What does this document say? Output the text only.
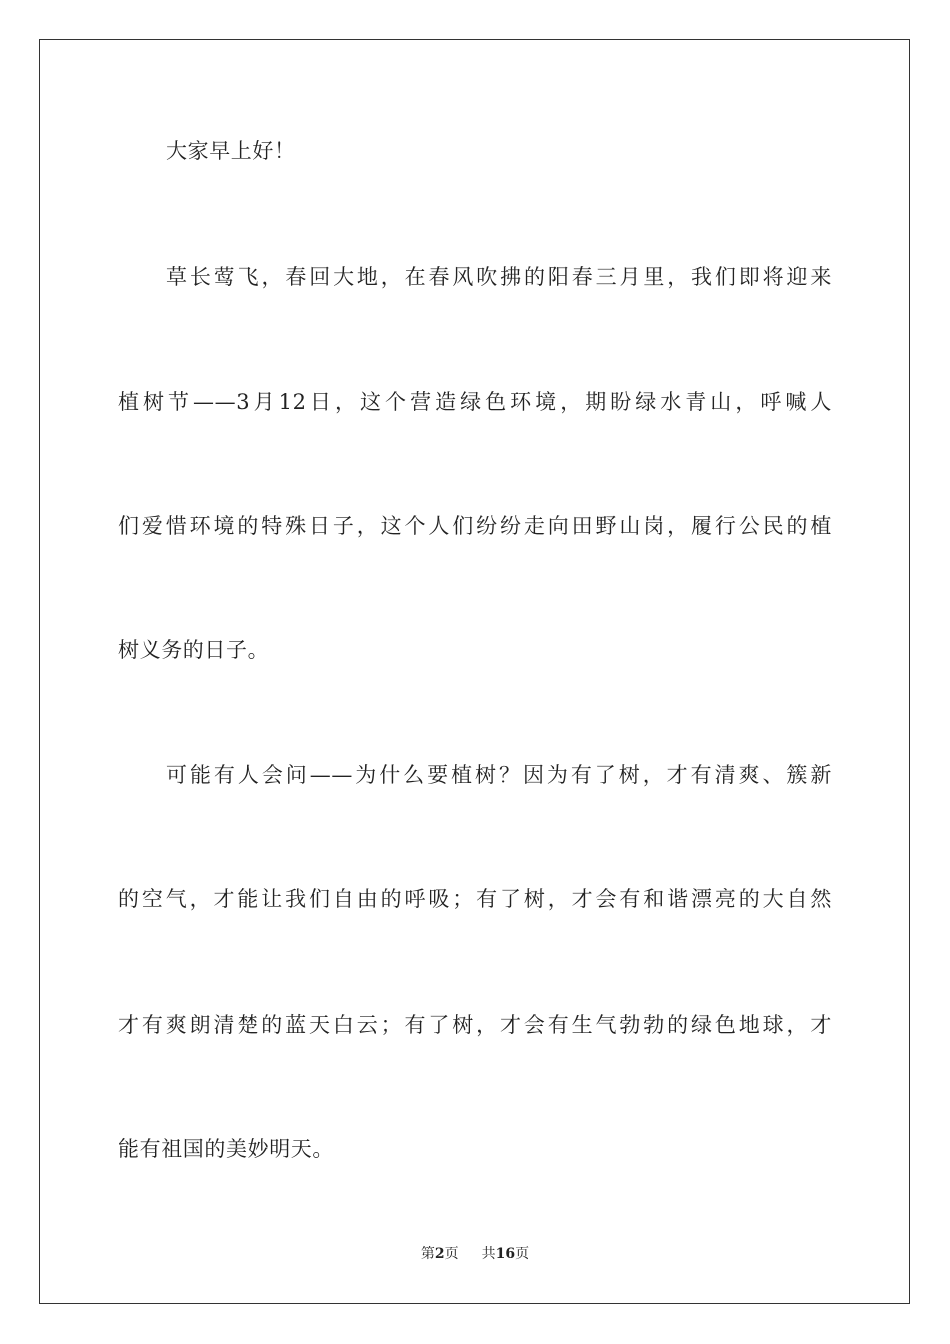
大家早上好！
草长莺飞，春回大地，在春风吹拂的阳春三月里，我们即将迎来
植树节——3月12日，这个营造绿色环境，期盼绿水青山，呼喊人
们爱惜环境的特殊日子，这个人们纷纷走向田野山岗，履行公民的植
树义务的日子。
可能有人会问——为什么要植树？因为有了树，才有清爽、簇新
的空气，才能让我们自由的呼吸；有了树，才会有和谐漂亮的大自然
才有爽朗清楚的蓝天白云；有了树，才会有生气勃勃的绿色地球，才
能有祖国的美妙明天。
第2页 共16页
